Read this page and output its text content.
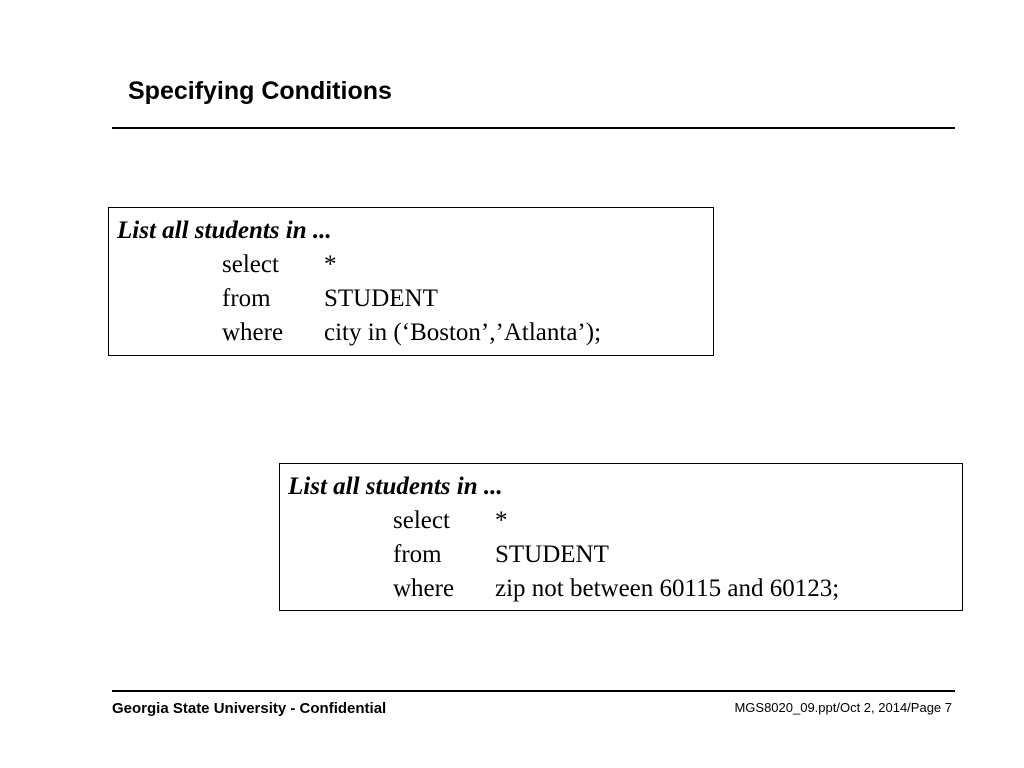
Specifying Conditions
List all students in ...
select	*
from	STUDENT
where	city in (‘Boston’,’Atlanta’);
List all students in ...
select	*
from	STUDENT
where	zip not between 60115 and 60123;
Georgia State University - Confidential	MGS8020_09.ppt/Oct 2, 2014/Page 7
